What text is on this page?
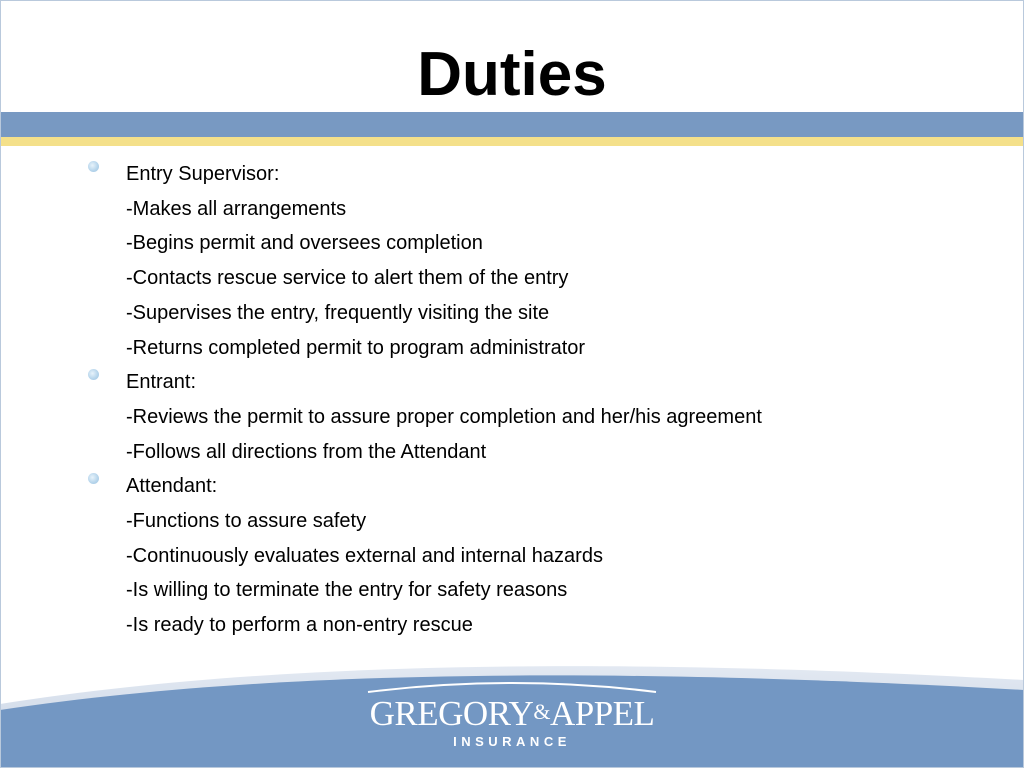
Duties
Entry Supervisor:
-Makes all arrangements
-Begins permit and oversees completion
-Contacts rescue service to alert them of the entry
-Supervises the entry, frequently visiting the site
-Returns completed permit to program administrator
Entrant:
-Reviews the permit to assure proper completion and her/his agreement
-Follows all directions from the Attendant
Attendant:
-Functions to assure safety
-Continuously evaluates external and internal hazards
-Is willing to terminate the entry for safety reasons
-Is ready to perform a non-entry rescue
GREGORY&APPEL
INSURANCE
